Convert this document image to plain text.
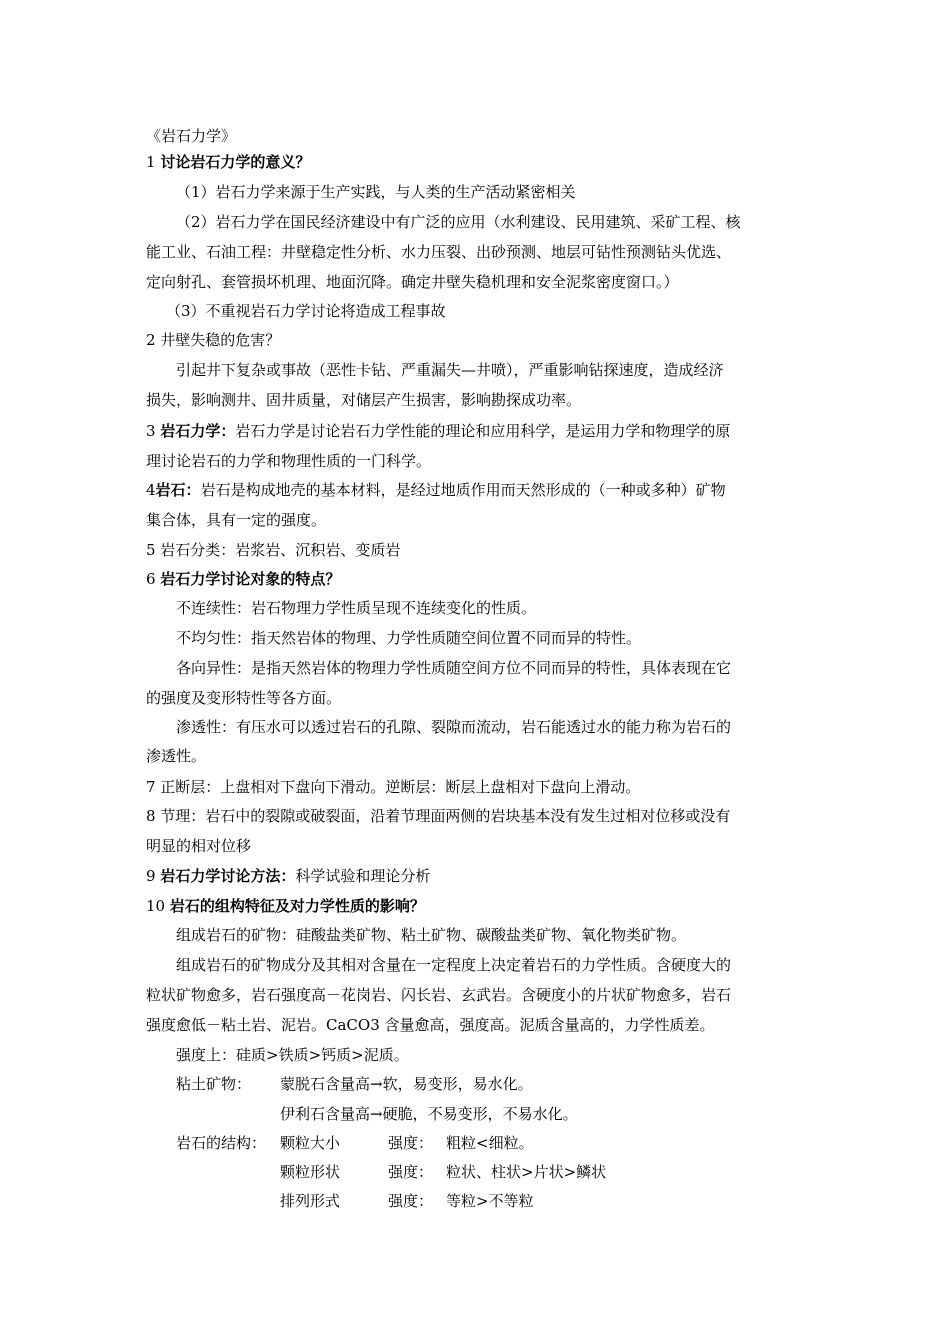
《岩石力学》
1 讨论岩石力学的意义？
（1）岩石力学来源于生产实践，与人类的生产活动紧密相关
（2）岩石力学在国民经济建设中有广泛的应用（水利建设、民用建筑、采矿工程、核
能工业、石油工程：井壁稳定性分析、水力压裂、出砂预测、地层可钻性预测钻头优选、
定向射孔、套管损坏机理、地面沉降。确定井壁失稳机理和安全泥浆密度窗口。）
（3）不重视岩石力学讨论将造成工程事故
2 井壁失稳的危害？
引起井下复杂或事故（恶性卡钻、严重漏失—井喷），严重影响钻探速度，造成经济
损失，影响测井、固井质量，对储层产生损害，影响勘探成功率。
3 岩石力学：岩石力学是讨论岩石力学性能的理论和应用科学，是运用力学和物理学的原
理讨论岩石的力学和物理性质的一门科学。
4岩石：岩石是构成地壳的基本材料，是经过地质作用而天然形成的（一种或多种）矿物
集合体，具有一定的强度。
5 岩石分类：岩浆岩、沉积岩、变质岩
6 岩石力学讨论对象的特点？
不连续性：岩石物理力学性质呈现不连续变化的性质。
不均匀性：指天然岩体的物理、力学性质随空间位置不同而异的特性。
各向异性：是指天然岩体的物理力学性质随空间方位不同而异的特性，具体表现在它
的强度及变形特性等各方面。
渗透性：有压水可以透过岩石的孔隙、裂隙而流动，岩石能透过水的能力称为岩石的
渗透性。
7 正断层：上盘相对下盘向下滑动。逆断层：断层上盘相对下盘向上滑动。
8 节理：岩石中的裂隙或破裂面，沿着节理面两侧的岩块基本没有发生过相对位移或没有
明显的相对位移
9 岩石力学讨论方法：科学试验和理论分析
10 岩石的组构特征及对力学性质的影响？
组成岩石的矿物：硅酸盐类矿物、粘土矿物、碳酸盐类矿物、氧化物类矿物。
组成岩石的矿物成分及其相对含量在一定程度上决定着岩石的力学性质。含硬度大的
粒状矿物愈多，岩石强度高－花岗岩、闪长岩、玄武岩。含硬度小的片状矿物愈多，岩石
强度愈低－粘土岩、泥岩。CaCO3 含量愈高，强度高。泥质含量高的，力学性质差。
强度上：硅质>铁质>钙质>泥质。
粘土矿物： 蒙脱石含量高→软，易变形，易水化。
伊利石含量高→硬脆，不易变形，不易水化。
岩石的结构： 颗粒大小	强度： 粗粒<细粒。
颗粒形状	强度： 粒状、柱状>片状>鳞状
排列形式	强度： 等粒>不等粒
